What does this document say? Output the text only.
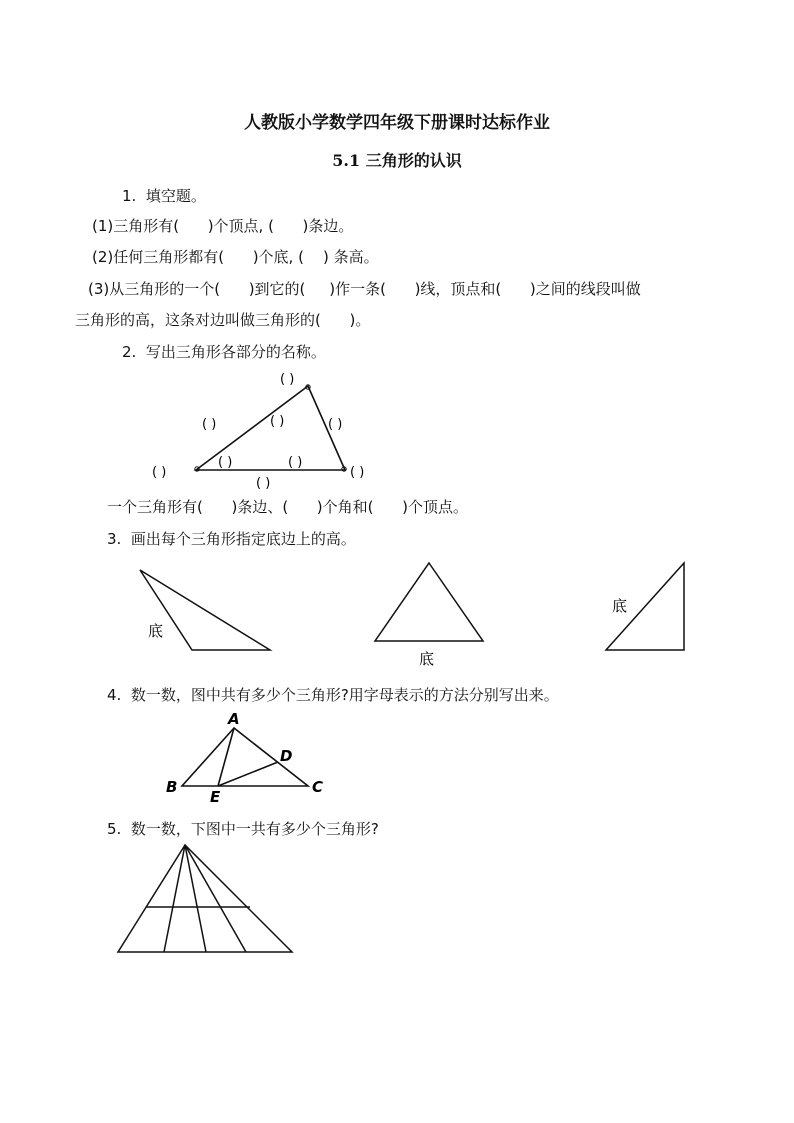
人教版小学数学四年级下册课时达标作业
5.1 三角形的认识
1.  填空题。
(1)三角形有(      )个顶点, (      )条边。
(2)任何三角形都有(      )个底, (    ) 条高。
(3)从三角形的一个(      )到它的(     )作一条(      )线，顶点和(      )之间的线段叫做
三角形的高，这条对边叫做三角形的(      )。
2.  写出三角形各部分的名称。
( )
( )	( )	( )
( )	( )
( )	( )
( )
一个三角形有(      )条边、(      )个角和(      )个顶点。
3.  画出每个三角形指定底边上的高。
底
底
底
4.  数一数，图中共有多少个三角形?用字母表示的方法分别写出来。
A
B	C
D
E
5.  数一数，下图中一共有多少个三角形?
